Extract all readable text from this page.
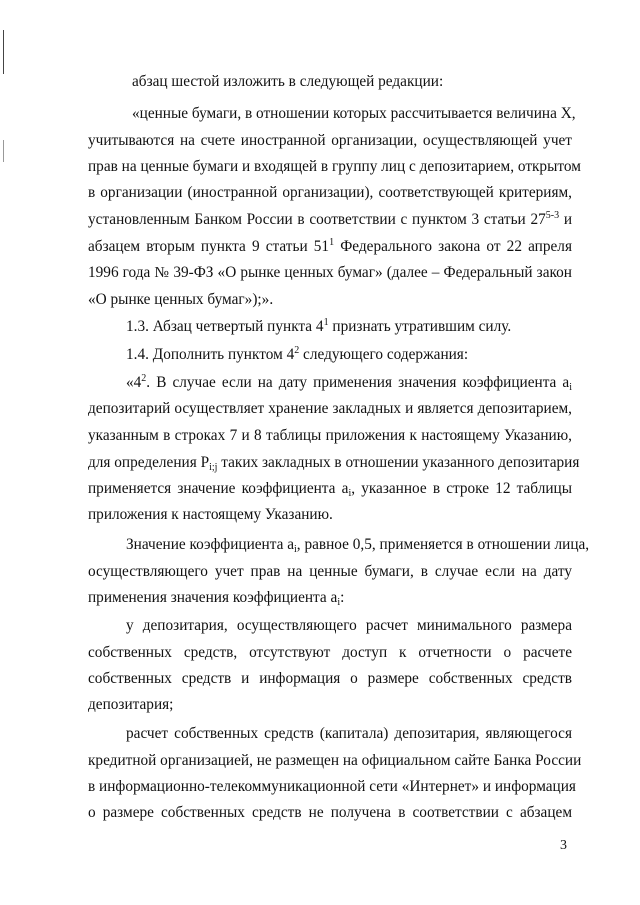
абзац шестой изложить в следующей редакции:
«ценные бумаги, в отношении которых рассчитывается величина X,
учитываются на счете иностранной организации, осуществляющей учет
прав на ценные бумаги и входящей в группу лиц с депозитарием, открытом
в организации (иностранной организации), соответствующей критериям,
установленным Банком России в соответствии с пунктом 3 статьи 27$^{5-3}$ и
абзацем вторым пункта 9 статьи $51^1$ Федерального закона от 22 апреля
1996 года № 39-ФЗ «О рынке ценных бумаг» (далее – Федеральный закон
«О рынке ценных бумаг»);».
1.3. Абзац четвертый пункта $4^1$ признать утратившим силу.
1.4. Дополнить пунктом $4^2$ следующего содержания:
«$4^2$. В случае если на дату применения значения коэффициента $a_i$
депозитарий осуществляет хранение закладных и является депозитарием,
указанным в строках 7 и 8 таблицы приложения к настоящему Указанию,
для определения $P_{i;j}$ таких закладных в отношении указанного депозитария
применяется значение коэффициента $a_i$, указанное в строке 12 таблицы
приложения к настоящему Указанию.
Значение коэффициента $a_i$, равное 0,5, применяется в отношении лица,
осуществляющего учет прав на ценные бумаги, в случае если на дату
применения значения коэффициента $a_i$:
у депозитария, осуществляющего расчет минимального размера
собственных средств, отсутствуют доступ к отчетности о расчете
собственных средств и информация о размере собственных средств
депозитария;
расчет собственных средств (капитала) депозитария, являющегося
кредитной организацией, не размещен на официальном сайте Банка России
в информационно-телекоммуникационной сети «Интернет» и информация
о размере собственных средств не получена в соответствии с абзацем
3
